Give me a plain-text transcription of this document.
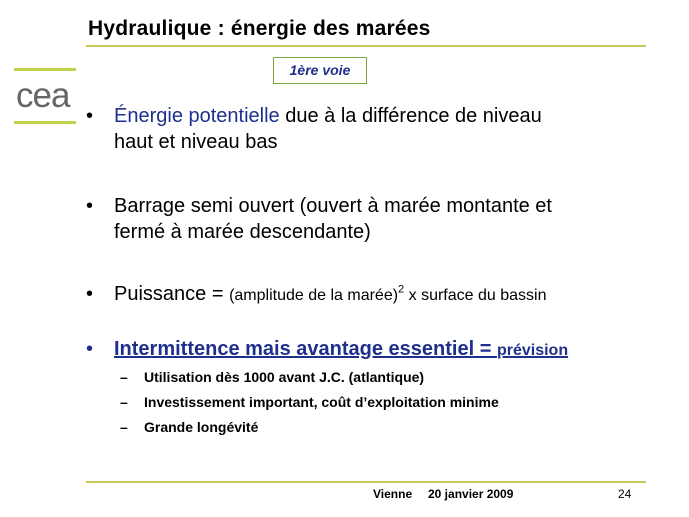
Hydraulique : énergie des marées
cea
1ère voie
• Énergie potentielle due à la différence de niveau
haut et niveau bas
• Barrage semi ouvert (ouvert à marée montante et
fermé à marée descendante)
• Puissance = (amplitude de la marée)$^2$ x surface du bassin
• Intermittence mais avantage essentiel = prévision
– Utilisation dès 1000 avant J.C. (atlantique)
– Investissement important, coût d’exploitation minime
– Grande longévité
Vienne 20 janvier 2009	24
